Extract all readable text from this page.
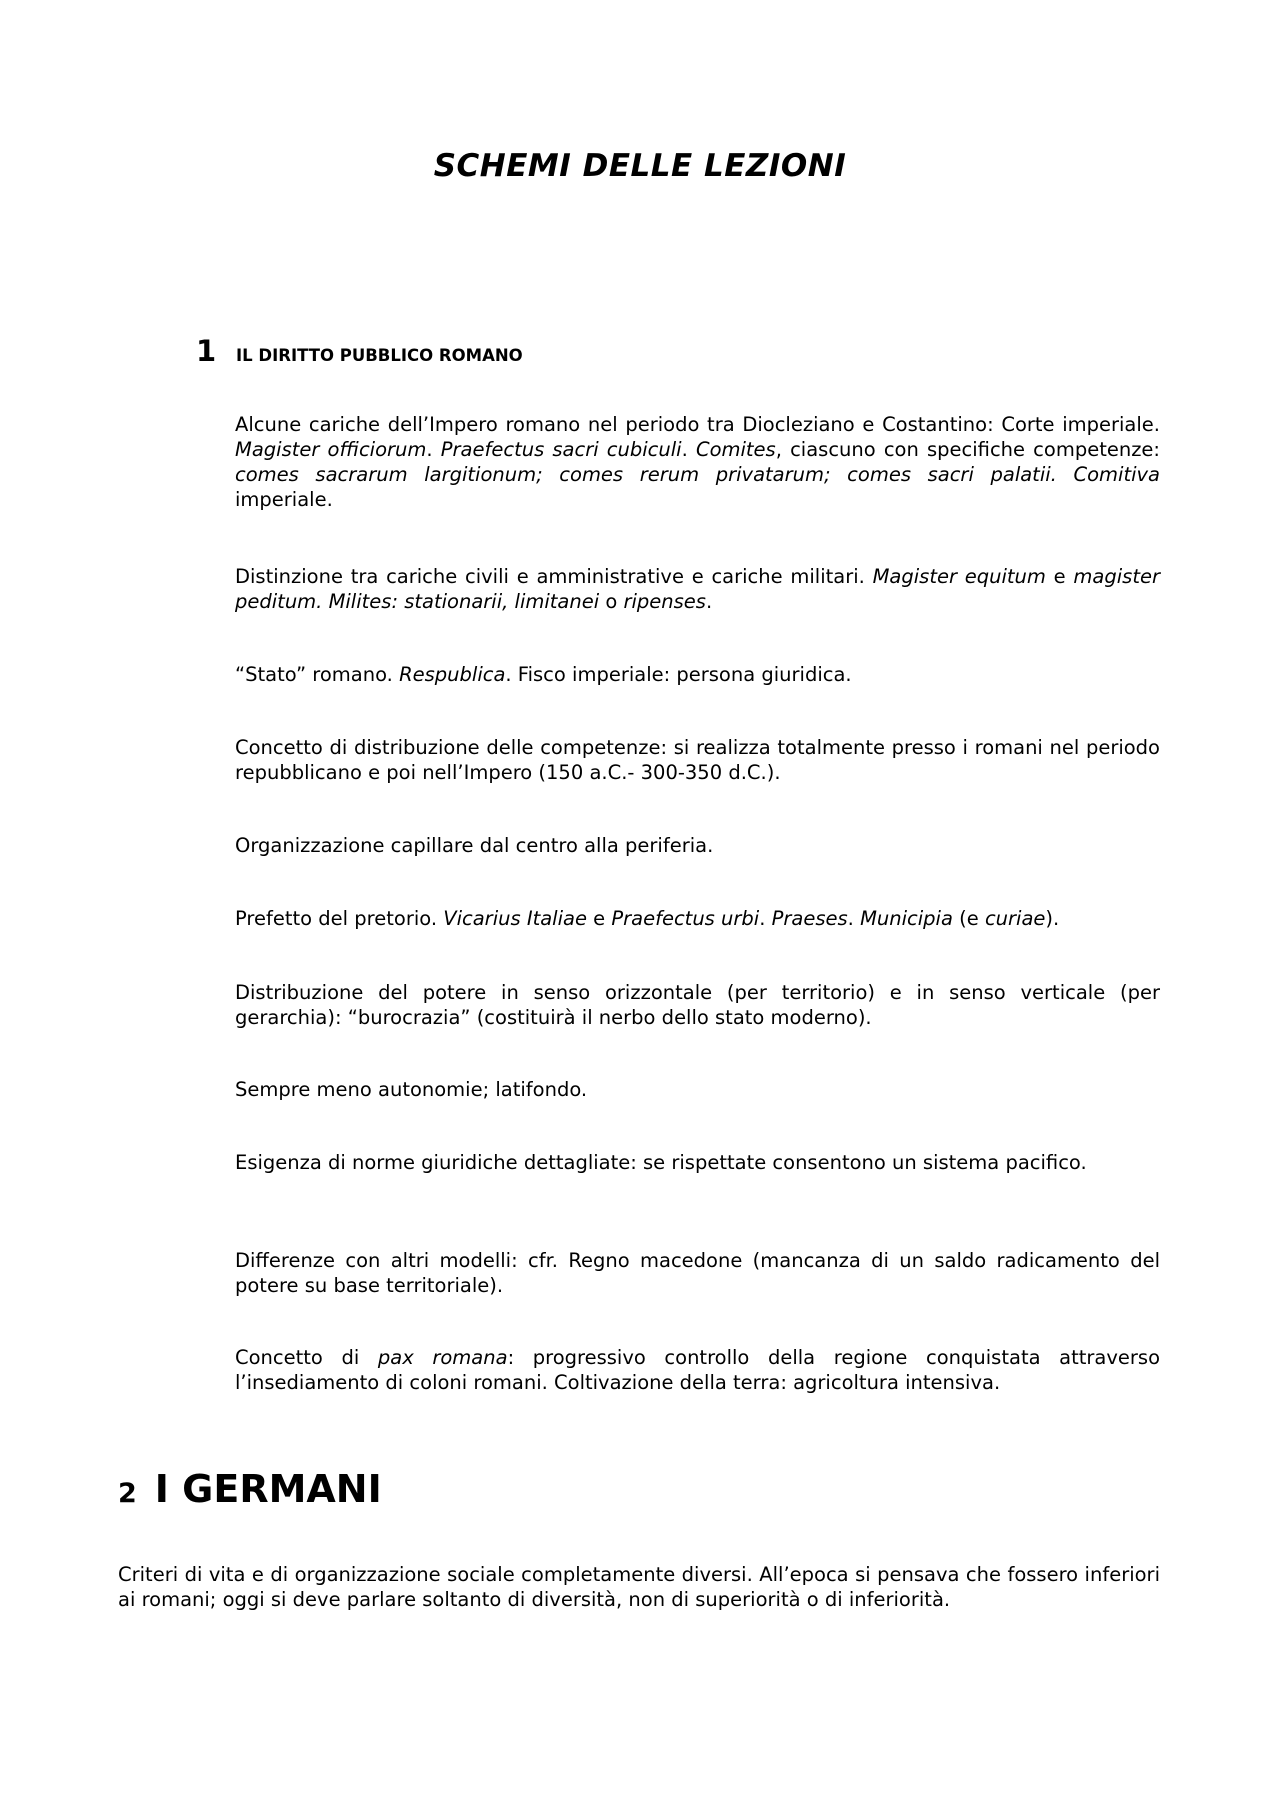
SCHEMI DELLE LEZIONI
1 IL DIRITTO PUBBLICO ROMANO

Alcune cariche dell’Impero romano nel periodo tra Diocleziano e Costantino: Corte imperiale. Magister officiorum. Praefectus sacri cubiculi. Comites, ciascuno con specifiche competenze: comes sacrarum largitionum; comes rerum privatarum; comes sacri palatii. Comitiva imperiale.

Distinzione tra cariche civili e amministrative e cariche militari. Magister equitum e magister peditum. Milites: stationarii, limitanei o ripenses.

“Stato” romano. Respublica. Fisco imperiale: persona giuridica.

Concetto di distribuzione delle competenze: si realizza totalmente presso i romani nel periodo repubblicano e poi nell’Impero (150 a.C.- 300-350 d.C.).

Organizzazione capillare dal centro alla periferia.

Prefetto del pretorio. Vicarius Italiae e Praefectus urbi. Praeses. Municipia (e curiae).

Distribuzione del potere in senso orizzontale (per territorio) e in senso verticale (per gerarchia): “burocrazia” (costituirà il nerbo dello stato moderno).

Sempre meno autonomie; latifondo.

Esigenza di norme giuridiche dettagliate: se rispettate consentono un sistema pacifico.

Differenze con altri modelli: cfr. Regno macedone (mancanza di un saldo radicamento del potere su base territoriale).

Concetto di pax romana: progressivo controllo della regione conquistata attraverso l’insediamento di coloni romani. Coltivazione della terra: agricoltura intensiva.

2 I GERMANI

Criteri di vita e di organizzazione sociale completamente diversi. All’epoca si pensava che fossero inferiori ai romani; oggi si deve parlare soltanto di diversità, non di superiorità o di inferiorità.
